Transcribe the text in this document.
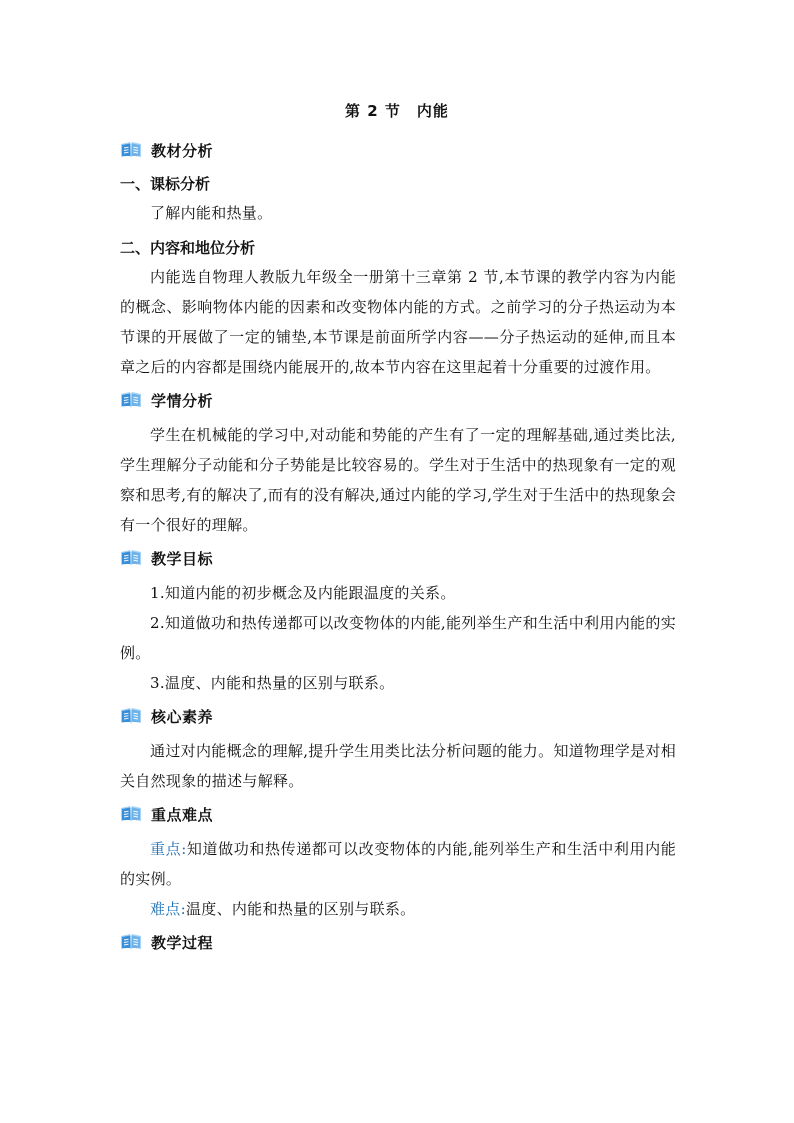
第 2 节　内能
教材分析
一、课标分析
了解内能和热量。
二、内容和地位分析
内能选自物理人教版九年级全一册第十三章第 2 节,本节课的教学内容为内能的概念、影响物体内能的因素和改变物体内能的方式。之前学习的分子热运动为本节课的开展做了一定的铺垫,本节课是前面所学内容——分子热运动的延伸,而且本章之后的内容都是围绕内能展开的,故本节内容在这里起着十分重要的过渡作用。
学情分析
学生在机械能的学习中,对动能和势能的产生有了一定的理解基础,通过类比法,学生理解分子动能和分子势能是比较容易的。学生对于生活中的热现象有一定的观察和思考,有的解决了,而有的没有解决,通过内能的学习,学生对于生活中的热现象会有一个很好的理解。
教学目标
1.知道内能的初步概念及内能跟温度的关系。
2.知道做功和热传递都可以改变物体的内能,能列举生产和生活中利用内能的实例。
3.温度、内能和热量的区别与联系。
核心素养
通过对内能概念的理解,提升学生用类比法分析问题的能力。知道物理学是对相关自然现象的描述与解释。
重点难点
重点:知道做功和热传递都可以改变物体的内能,能列举生产和生活中利用内能的实例。
难点:温度、内能和热量的区别与联系。
教学过程
